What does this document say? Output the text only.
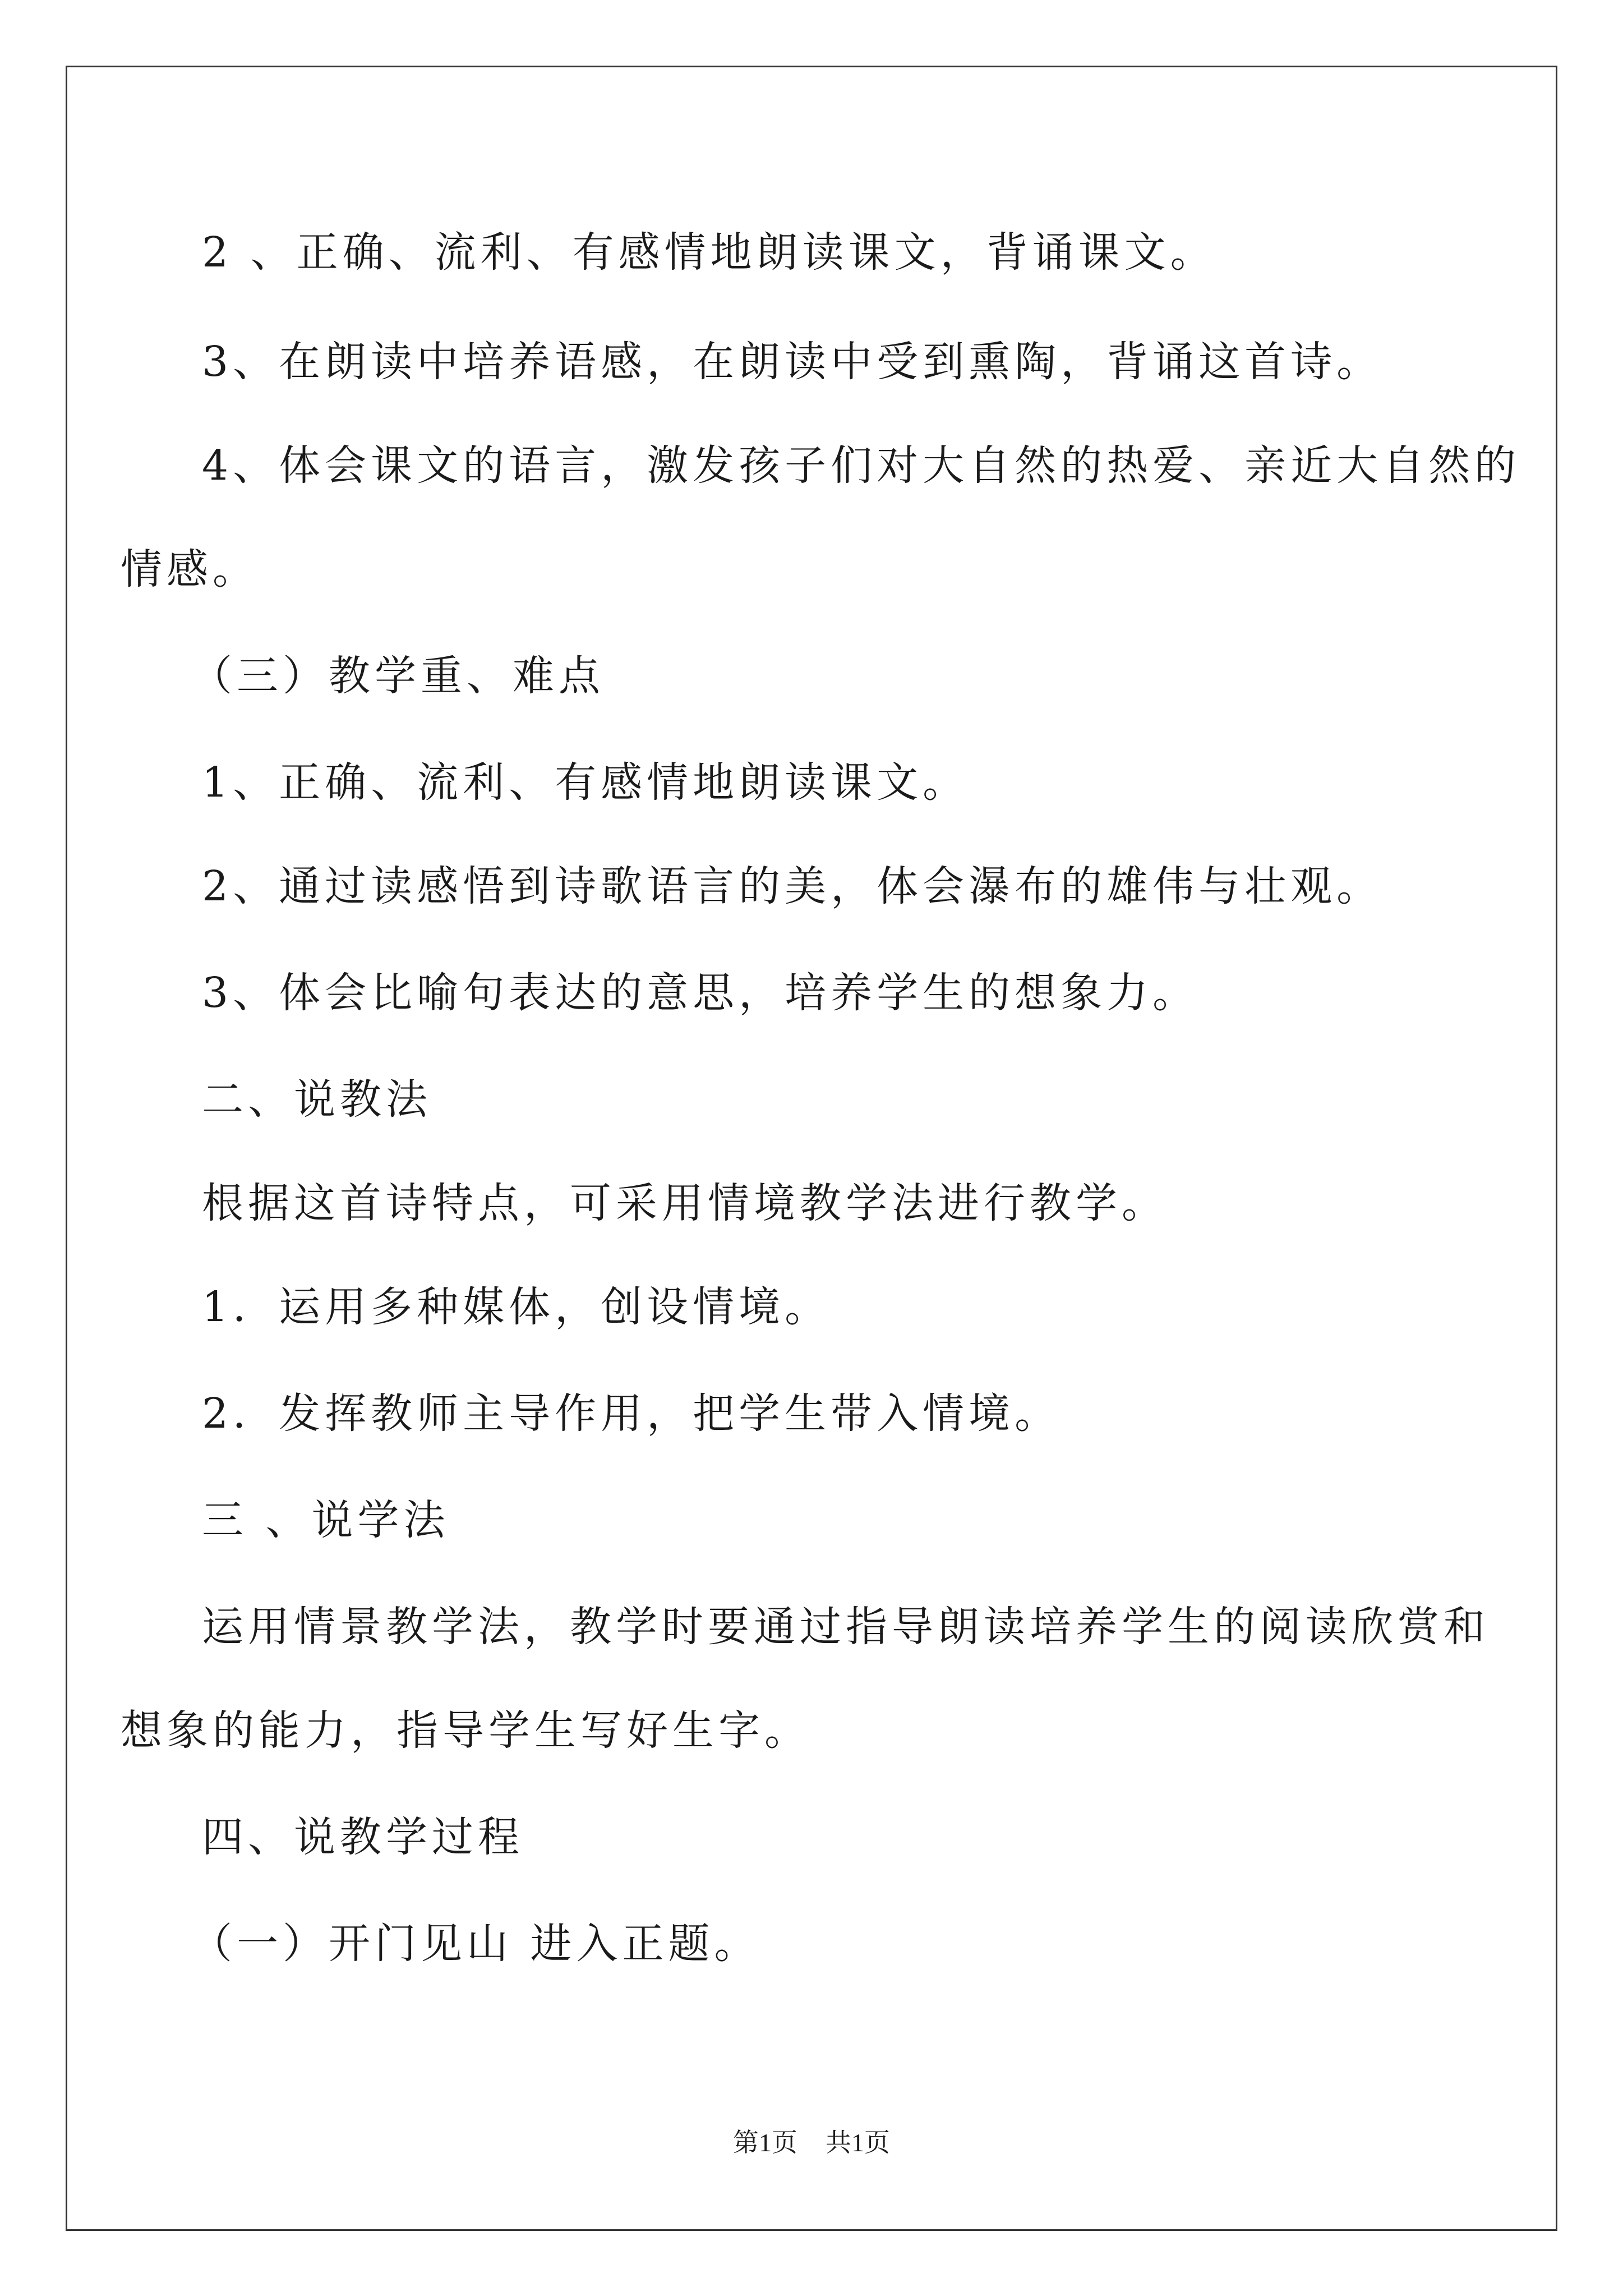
2 、正确、流利、有感情地朗读课文，背诵课文。
3、在朗读中培养语感，在朗读中受到熏陶，背诵这首诗。
4、体会课文的语言，激发孩子们对大自然的热爱、亲近大自然的
情感。
（三）教学重、难点
1、正确、流利、有感情地朗读课文。
2、通过读感悟到诗歌语言的美，体会瀑布的雄伟与壮观。
3、体会比喻句表达的意思，培养学生的想象力。
二、说教法
根据这首诗特点，可采用情境教学法进行教学。
1．运用多种媒体，创设情境。
2．发挥教师主导作用，把学生带入情境。
三 、说学法
运用情景教学法，教学时要通过指导朗读培养学生的阅读欣赏和
想象的能力，指导学生写好生字。
四、说教学过程
（一）开门见山 进入正题。
第1页 共1页
